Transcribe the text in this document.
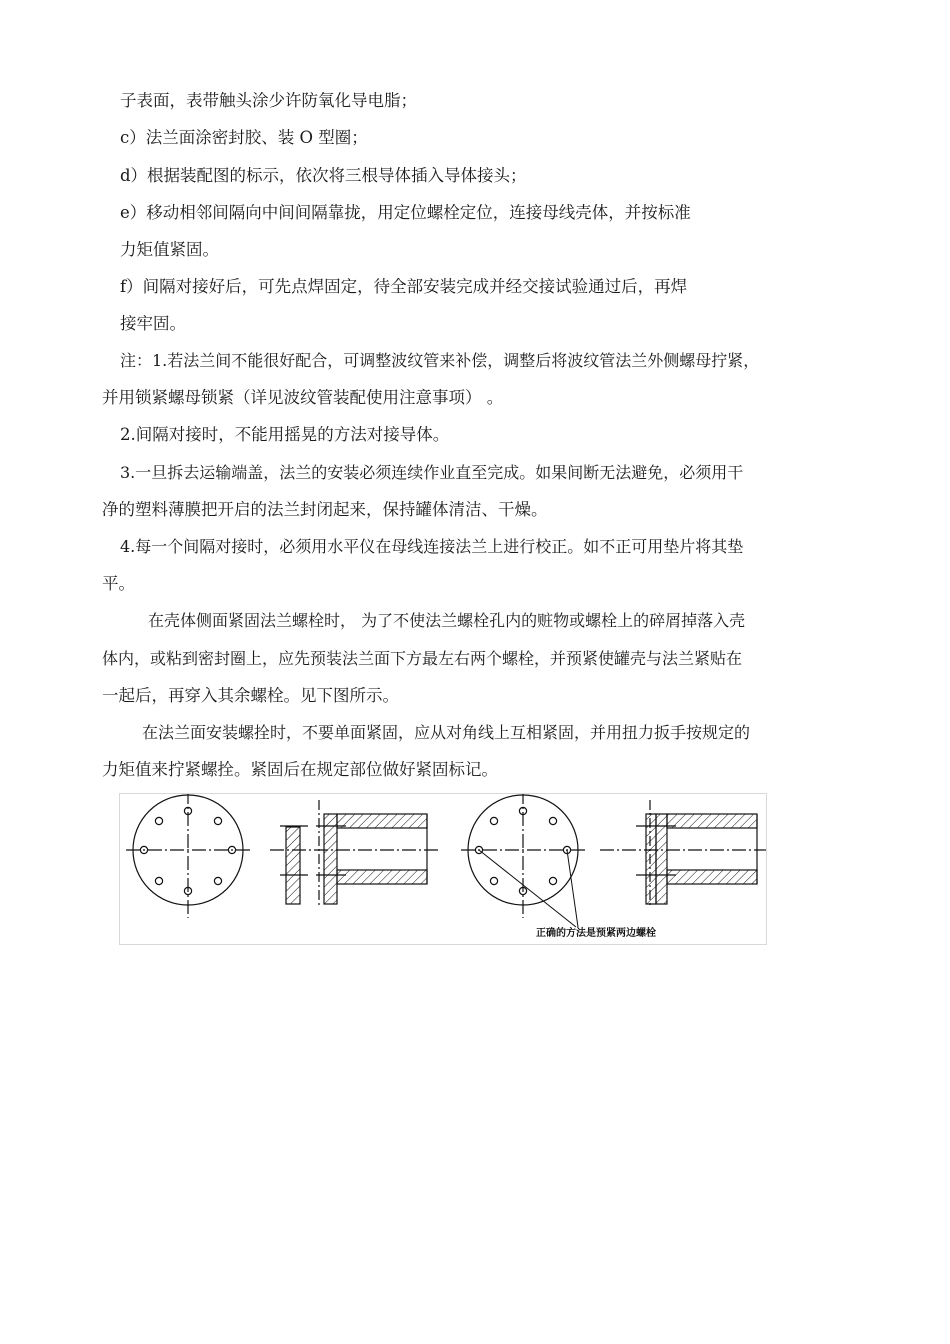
子表面，表带触头涂少许防氧化导电脂；

c）法兰面涂密封胶、装 O 型圈；

d）根据装配图的标示，依次将三根导体插入导体接头；

e）移动相邻间隔向中间间隔靠拢，用定位螺栓定位，连接母线壳体，并按标准

力矩值紧固。

f）间隔对接好后，可先点焊固定，待全部安装完成并经交接试验通过后，再焊

接牢固。

注：1.若法兰间不能很好配合，可调整波纹管来补偿，调整后将波纹管法兰外侧螺母拧紧，

并用锁紧螺母锁紧（详见波纹管装配使用注意事项） 。

2.间隔对接时，不能用摇晃的方法对接导体。

3.一旦拆去运输端盖，法兰的安装必须连续作业直至完成。如果间断无法避免，必须用干

净的塑料薄膜把开启的法兰封闭起来，保持罐体清洁、干燥。

4.每一个间隔对接时，必须用水平仪在母线连接法兰上进行校正。如不正可用垫片将其垫

平。

在壳体侧面紧固法兰螺栓时， 为了不使法兰螺栓孔内的赃物或螺栓上的碎屑掉落入壳

体内，或粘到密封圈上，应先预装法兰面下方最左右两个螺栓，并预紧使罐壳与法兰紧贴在

一起后，再穿入其余螺栓。见下图所示。

在法兰面安装螺拴时，不要单面紧固，应从对角线上互相紧固，并用扭力扳手按规定的

力矩值来拧紧螺拴。紧固后在规定部位做好紧固标记。

正确的方法是预紧两边螺栓
